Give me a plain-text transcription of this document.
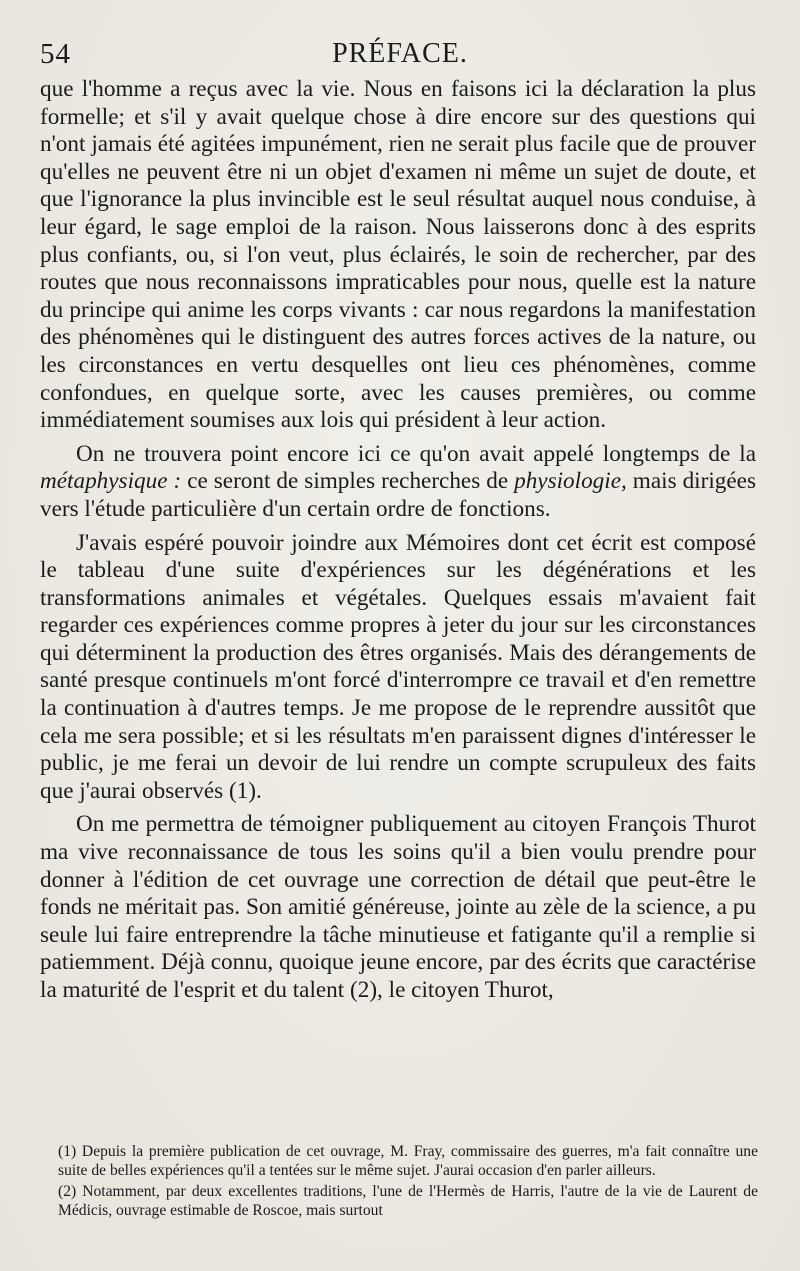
54	PRÉFACE.

que l'homme a reçus avec la vie. Nous en faisons ici la déclaration la plus formelle; et s'il y avait quelque chose à dire encore sur des questions qui n'ont jamais été agitées impunément, rien ne serait plus facile que de prouver qu'elles ne peuvent être ni un objet d'examen ni même un sujet de doute, et que l'ignorance la plus invincible est le seul résultat auquel nous conduise, à leur égard, le sage emploi de la raison. Nous laisserons donc à des esprits plus confiants, ou, si l'on veut, plus éclairés, le soin de rechercher, par des routes que nous reconnaissons impraticables pour nous, quelle est la nature du principe qui anime les corps vivants : car nous regardons la manifestation des phénomènes qui le distinguent des autres forces actives de la nature, ou les circonstances en vertu desquelles ont lieu ces phénomènes, comme confondues, en quelque sorte, avec les causes premières, ou comme immédiatement soumises aux lois qui président à leur action.

On ne trouvera point encore ici ce qu'on avait appelé longtemps de la métaphysique : ce seront de simples recherches de physiologie, mais dirigées vers l'étude particulière d'un certain ordre de fonctions.

J'avais espéré pouvoir joindre aux Mémoires dont cet écrit est composé le tableau d'une suite d'expériences sur les dégénérations et les transformations animales et végétales. Quelques essais m'avaient fait regarder ces expériences comme propres à jeter du jour sur les circonstances qui déterminent la production des êtres organisés. Mais des dérangements de santé presque continuels m'ont forcé d'interrompre ce travail et d'en remettre la continuation à d'autres temps. Je me propose de le reprendre aussitôt que cela me sera possible; et si les résultats m'en paraissent dignes d'intéresser le public, je me ferai un devoir de lui rendre un compte scrupuleux des faits que j'aurai observés (1).

On me permettra de témoigner publiquement au citoyen François Thurot ma vive reconnaissance de tous les soins qu'il a bien voulu prendre pour donner à l'édition de cet ouvrage une correction de détail que peut-être le fonds ne méritait pas. Son amitié généreuse, jointe au zèle de la science, a pu seule lui faire entreprendre la tâche minutieuse et fatigante qu'il a remplie si patiemment. Déjà connu, quoique jeune encore, par des écrits que caractérise la maturité de l'esprit et du talent (2), le citoyen Thurot,

(1) Depuis la première publication de cet ouvrage, M. Fray, commissaire des guerres, m'a fait connaître une suite de belles expériences qu'il a tentées sur le même sujet. J'aurai occasion d'en parler ailleurs.

(2) Notamment, par deux excellentes traditions, l'une de l'Hermès de Harris, l'autre de la vie de Laurent de Médicis, ouvrage estimable de Roscoe, mais surtout
